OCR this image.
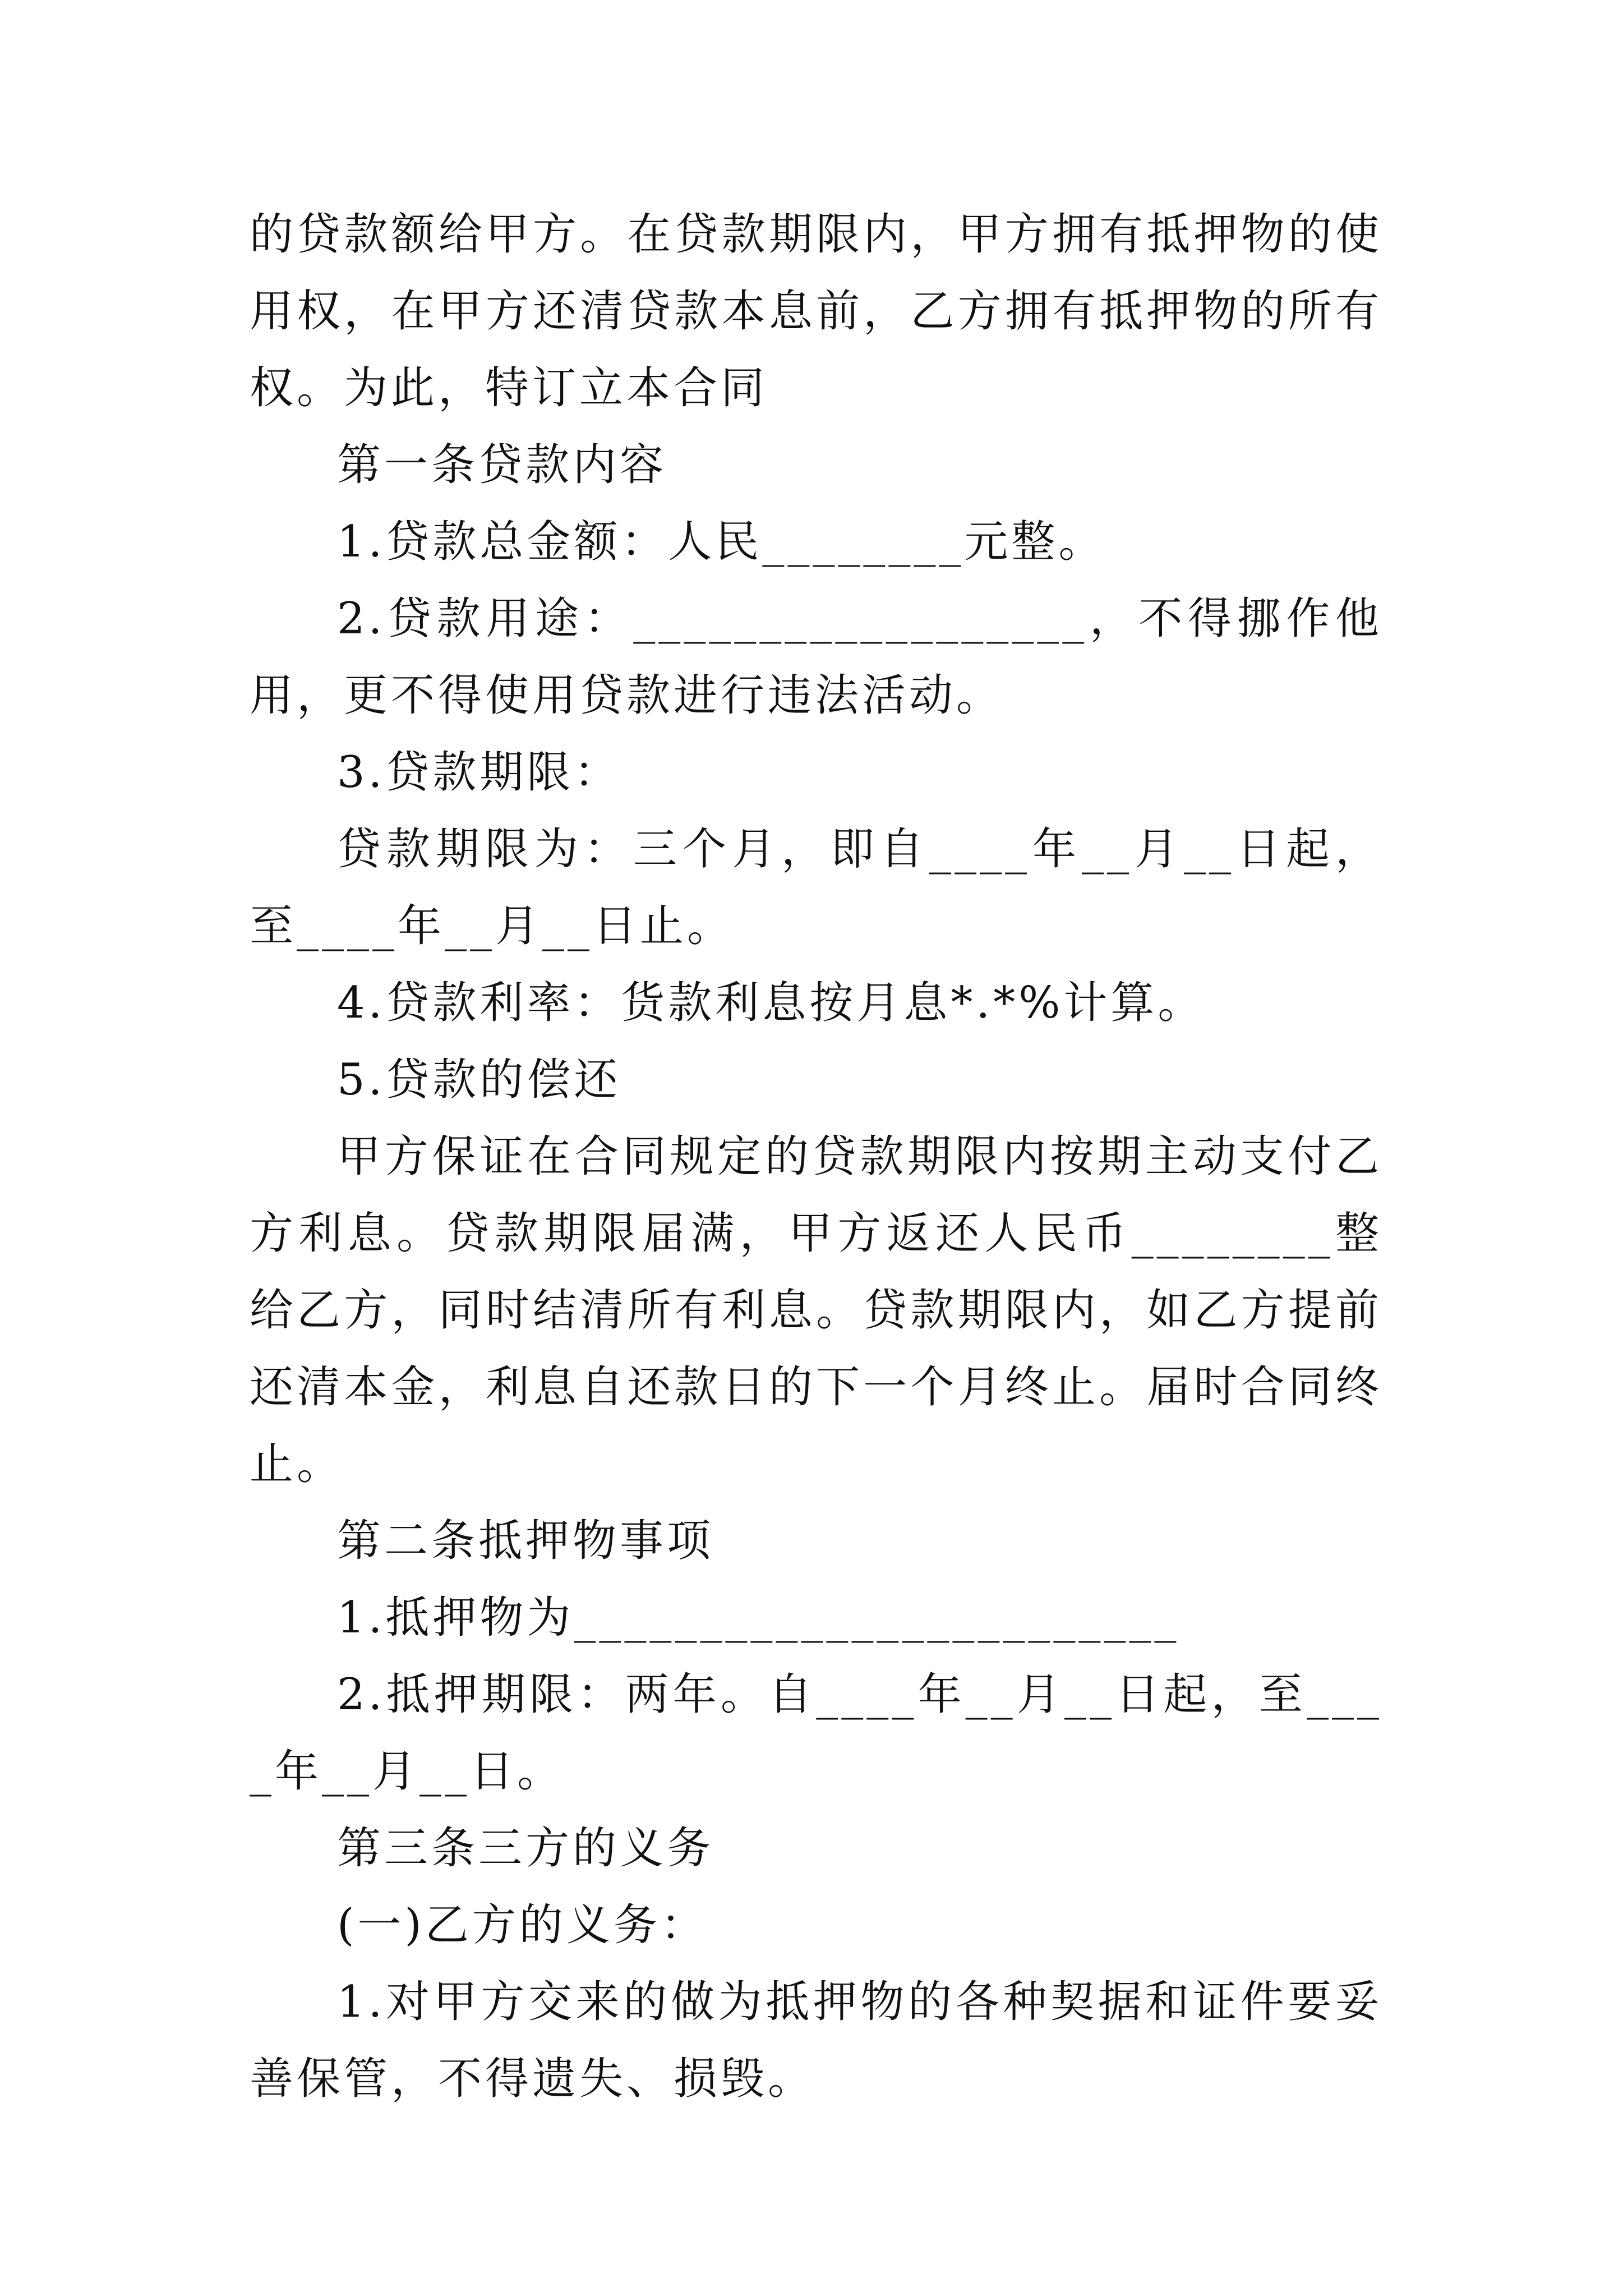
的贷款额给甲方。在贷款期限内，甲方拥有抵押物的使用权，在甲方还清贷款本息前，乙方拥有抵押物的所有权。为此，特订立本合同

第一条贷款内容

1.贷款总金额：人民________元整。

2.贷款用途：__________________，不得挪作他用，更不得使用贷款进行违法活动。

3.贷款期限：

贷款期限为：三个月，即自____年__月__日起，至____年__月__日止。

4.贷款利率：货款利息按月息*.*%计算。

5.贷款的偿还

甲方保证在合同规定的贷款期限内按期主动支付乙方利息。贷款期限届满，甲方返还人民币________整给乙方，同时结清所有利息。贷款期限内，如乙方提前还清本金，利息自还款日的下一个月终止。届时合同终止。

第二条抵押物事项

1.抵押物为________________________

2.抵押期限：两年。自____年__月__日起，至____年__月__日。

第三条三方的义务

(一)乙方的义务：

1.对甲方交来的做为抵押物的各种契据和证件要妥善保管，不得遗失、损毁。
